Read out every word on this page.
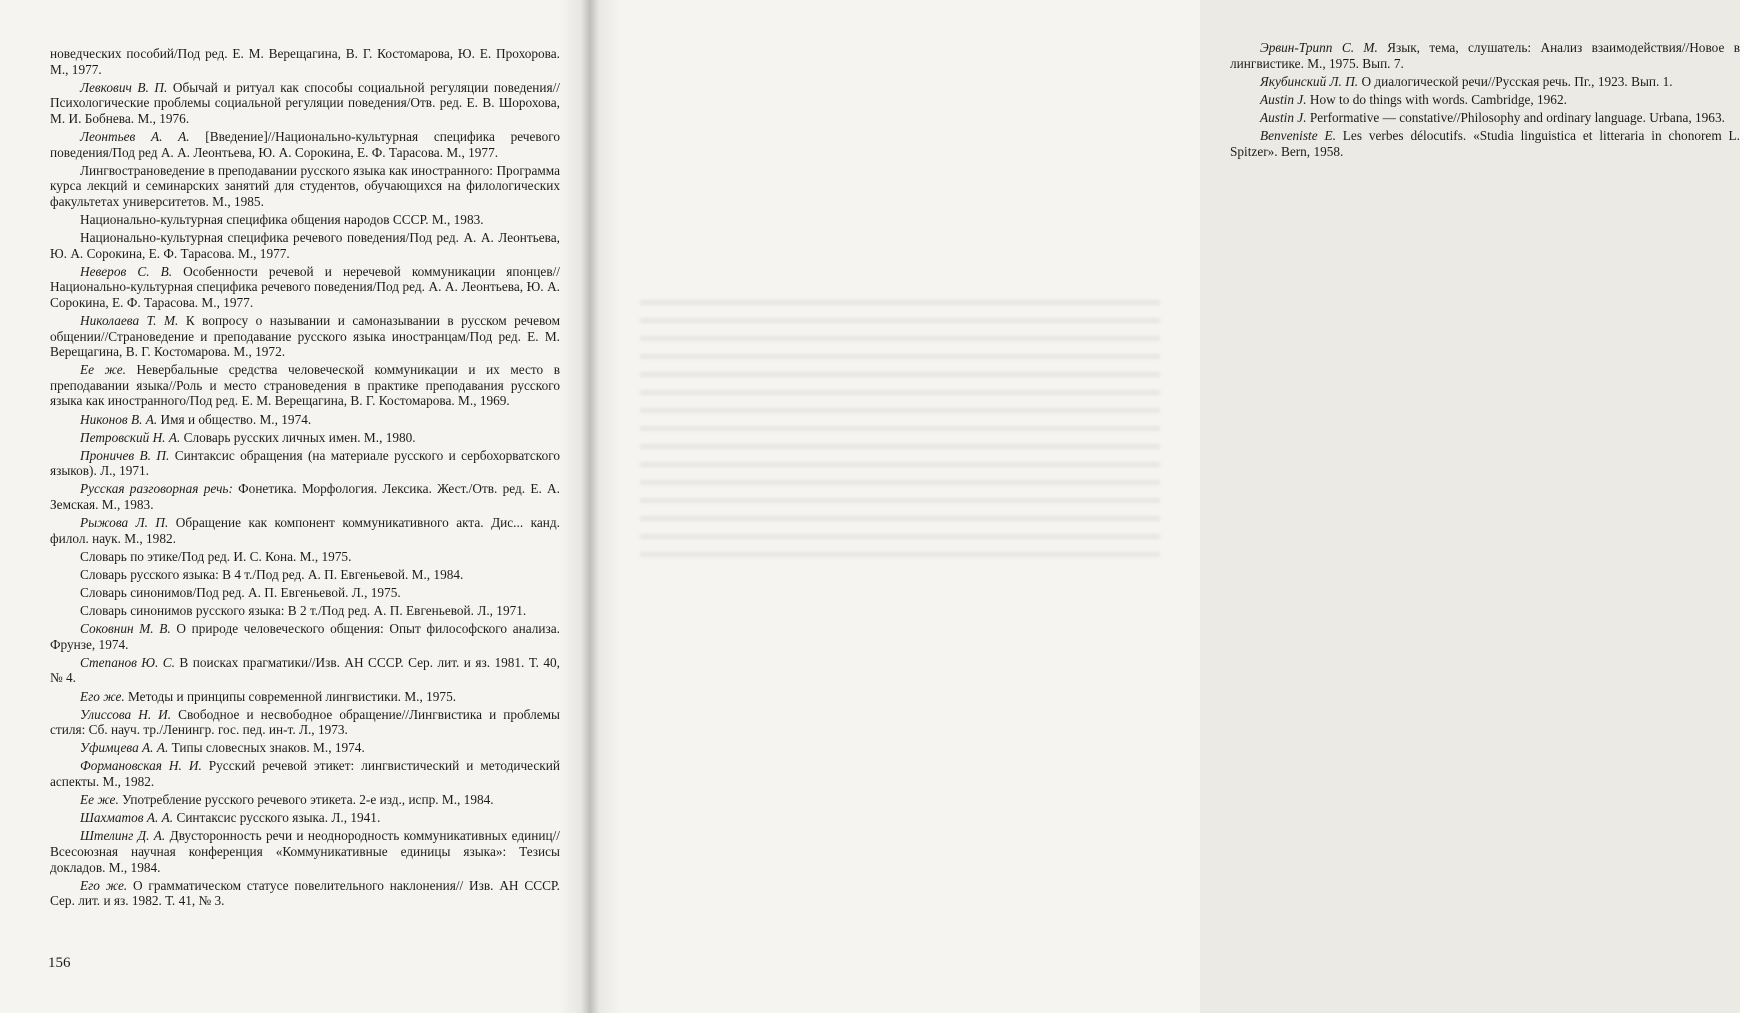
новедческих пособий/Под ред. Е. М. Верещагина, В. Г. Костомарова, Ю. Е. Прохорова. М., 1977.

Левкович В. П. Обычай и ритуал как способы социальной регуляции поведения//Психологические проблемы социальной регуляции поведения/Отв. ред. Е. В. Шорохова, М. И. Бобнева. М., 1976.

Леонтьев А. А. [Введение]//Национально-культурная специфика речевого поведения/Под ред А. А. Леонтьева, Ю. А. Сорокина, Е. Ф. Тарасова. М., 1977.

Лингвострановедение в преподавании русского языка как иностранного: Программа курса лекций и семинарских занятий для студентов, обучающихся на филологических факультетах университетов. М., 1985.

Национально-культурная специфика общения народов СССР. М., 1983.

Национально-культурная специфика речевого поведения/Под ред. А. А. Леонтьева, Ю. А. Сорокина, Е. Ф. Тарасова. М., 1977.

Неверов С. В. Особенности речевой и неречевой коммуникации японцев//Национально-культурная специфика речевого поведения/Под ред. А. А. Леонтьева, Ю. А. Сорокина, Е. Ф. Тарасова. М., 1977.

Николаева Т. М. К вопросу о назывании и самоназывании в русском речевом общении//Страноведение и преподавание русского языка иностранцам/Под ред. Е. М. Верещагина, В. Г. Костомарова. М., 1972.

Ее же. Невербальные средства человеческой коммуникации и их место в преподавании языка//Роль и место страноведения в практике преподавания русского языка как иностранного/Под ред. Е. М. Верещагина, В. Г. Костомарова. М., 1969.

Никонов В. А. Имя и общество. М., 1974.

Петровский Н. А. Словарь русских личных имен. М., 1980.

Проничев В. П. Синтаксис обращения (на материале русского и сербохорватского языков). Л., 1971.

Русская разговорная речь: Фонетика. Морфология. Лексика. Жест./Отв. ред. Е. А. Земская. М., 1983.

Рыжова Л. П. Обращение как компонент коммуникативного акта. Дис... канд. филол. наук. М., 1982.

Словарь по этике/Под ред. И. С. Кона. М., 1975.

Словарь русского языка: В 4 т./Под ред. А. П. Евгеньевой. М., 1984.

Словарь синонимов/Под ред. А. П. Евгеньевой. Л., 1975.

Словарь синонимов русского языка: В 2 т./Под ред. А. П. Евгеньевой. Л., 1971.

Соковнин М. В. О природе человеческого общения: Опыт философского анализа. Фрунзе, 1974.

Степанов Ю. С. В поисках прагматики//Изв. АН СССР. Сер. лит. и яз. 1981. Т. 40, № 4.

Его же. Методы и принципы современной лингвистики. М., 1975.

Улиссова Н. И. Свободное и несвободное обращение//Лингвистика и проблемы стиля: Сб. науч. тр./Ленингр. гос. пед. ин-т. Л., 1973.

Уфимцева А. А. Типы словесных знаков. М., 1974.

Формановская Н. И. Русский речевой этикет: лингвистический и методический аспекты. М., 1982.

Ее же. Употребление русского речевого этикета. 2-е изд., испр. М., 1984.

Шахматов А. А. Синтаксис русского языка. Л., 1941.

Штелинг Д. А. Двусторонность речи и неоднородность коммуникативных единиц//Всесоюзная научная конференция «Коммуникативные единицы языка»: Тезисы докладов. М., 1984.

Его же. О грамматическом статусе повелительного наклонения// Изв. АН СССР. Сер. лит. и яз. 1982. Т. 41, № 3.

156

Эрвин-Трипп С. М. Язык, тема, слушатель: Анализ взаимодействия//Новое в лингвистике. М., 1975. Вып. 7.

Якубинский Л. П. О диалогической речи//Русская речь. Пг., 1923. Вып. 1.

Austin J. How to do things with words. Cambridge, 1962.

Austin J. Performative — constative//Philosophy and ordinary language. Urbana, 1963.

Benveniste E. Les verbes délocutifs. «Studia linguistica et litteraria in chonorem L. Spitzer». Bern, 1958.
